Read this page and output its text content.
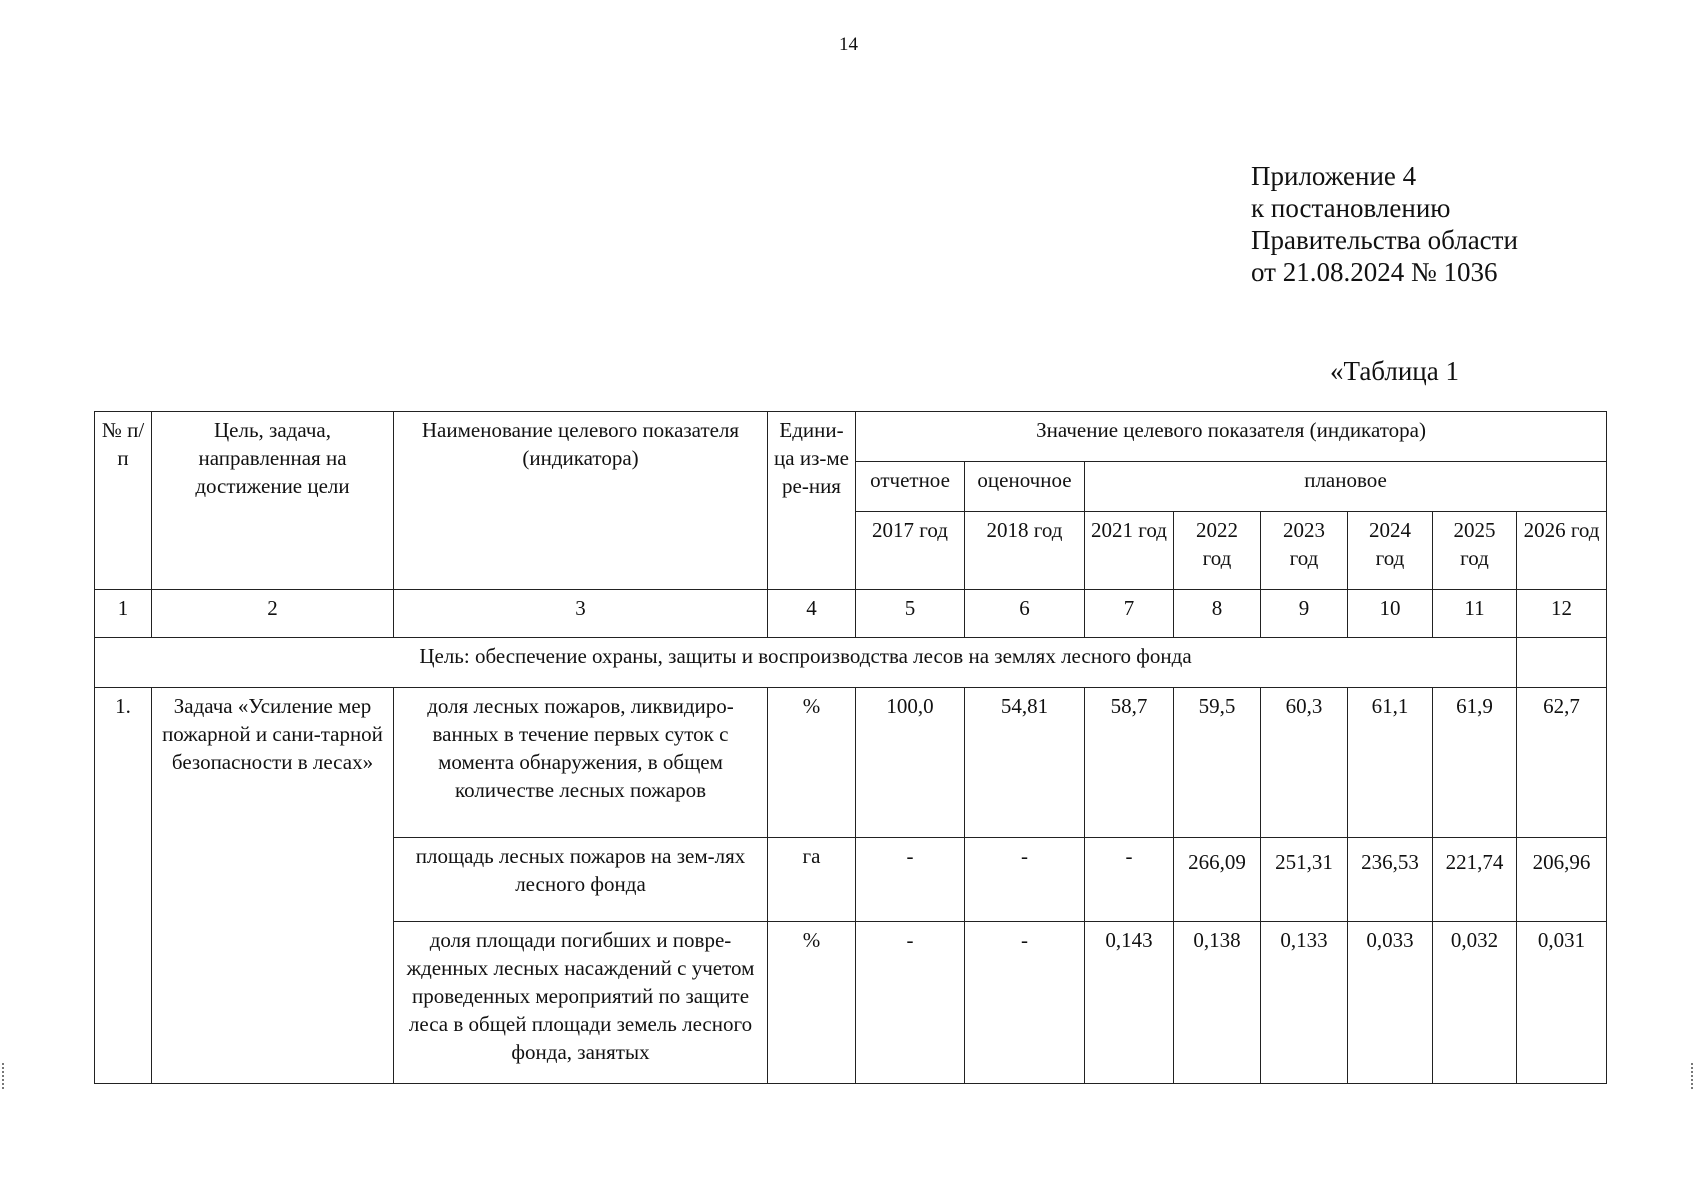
14
Приложение 4
к постановлению
Правительства области
от 21.08.2024 № 1036
«Таблица 1
№ п/п	Цель, задача, направленная на достижение цели	Наименование целевого показателя (индикатора)	Едини-ца из-мере-ния	Значение целевого показателя (индикатора)							
				отчетное	оценочное	плановое					
				2017 год	2018 год	2021 год	2022 год	2023 год	2024 год	2025 год	2026 год
1	2	3	4	5	6	7	8	9	10	11	12
Цель: обеспечение охраны, защиты и воспроизводства лесов на землях лесного фонда											
1.	Задача «Усиление мер пожарной и сани-тарной безопасности в лесах»	доля лесных пожаров, ликвидиро-ванных в течение первых суток с момента обнаружения, в общем количестве лесных пожаров	%	100,0	54,81	58,7	59,5	60,3	61,1	61,9	62,7
		площадь лесных пожаров на зем-лях лесного фонда	га	-	-	-	266,09	251,31	236,53	221,74	206,96
		доля площади погибших и повре-жденных лесных насаждений с учетом проведенных мероприятий по защите леса в общей площади земель лесного фонда, занятых	%	-	-	0,143	0,138	0,133	0,033	0,032	0,031
